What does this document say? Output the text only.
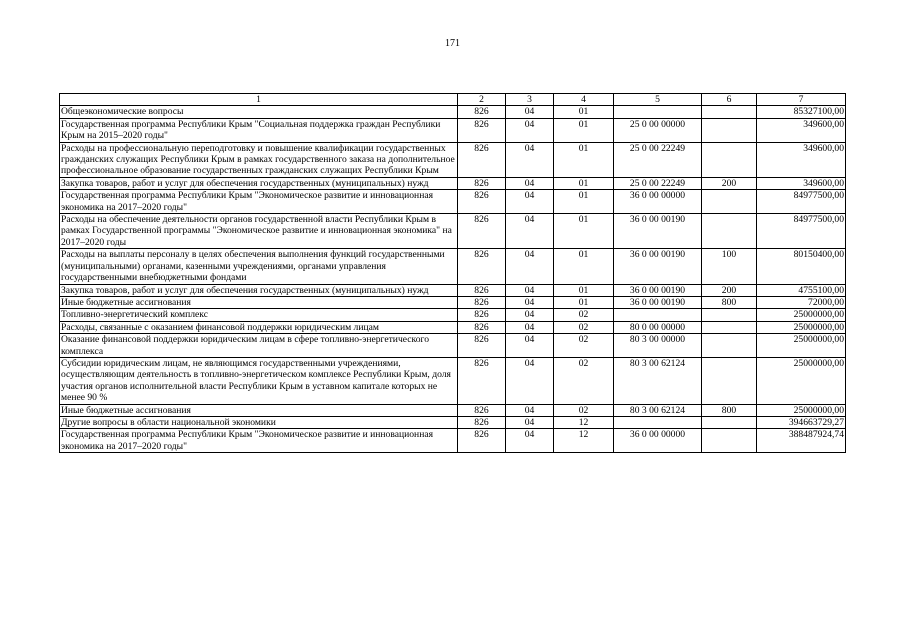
171
1	2	3	4	5	6	7
Общеэкономические вопросы	826	04	01			85327100,00
Государственная программа Республики Крым "Социальная поддержка граждан Республики Крым на 2015–2020 годы"	826	04	01	25 0 00 00000		349600,00
Расходы на профессиональную переподготовку и повышение квалификации государственных гражданских служащих Республики Крым в рамках государственного заказа на дополнительное профессиональное образование государственных гражданских служащих Республики Крым	826	04	01	25 0 00 22249		349600,00
Закупка товаров, работ и услуг для обеспечения государственных (муниципальных) нужд	826	04	01	25 0 00 22249	200	349600,00
Государственная программа Республики Крым "Экономическое развитие и инновационная экономика на 2017–2020 годы"	826	04	01	36 0 00 00000		84977500,00
Расходы на обеспечение деятельности органов государственной власти Республики Крым в рамках Государственной программы "Экономическое развитие и инновационная экономика" на 2017–2020 годы	826	04	01	36 0 00 00190		84977500,00
Расходы на выплаты персоналу в целях обеспечения выполнения функций государственными (муниципальными) органами, казенными учреждениями, органами управления государственными внебюджетными фондами	826	04	01	36 0 00 00190	100	80150400,00
Закупка товаров, работ и услуг для обеспечения государственных (муниципальных) нужд	826	04	01	36 0 00 00190	200	4755100,00
Иные бюджетные ассигнования	826	04	01	36 0 00 00190	800	72000,00
Топливно-энергетический комплекс	826	04	02			25000000,00
Расходы, связанные с оказанием финансовой поддержки юридическим лицам	826	04	02	80 0 00 00000		25000000,00
Оказание финансовой поддержки юридическим лицам в сфере топливно-энергетического комплекса	826	04	02	80 3 00 00000		25000000,00
Субсидии юридическим лицам, не являющимся государственными учреждениями, осуществляющим деятельность в топливно-энергетическом комплексе Республики Крым, доля участия органов исполнительной власти Республики Крым в уставном капитале которых не менее 90 %	826	04	02	80 3 00 62124		25000000,00
Иные бюджетные ассигнования	826	04	02	80 3 00 62124	800	25000000,00
Другие вопросы в области национальной экономики	826	04	12			394663729,27
Государственная программа Республики Крым "Экономическое развитие и инновационная экономика на 2017–2020 годы"	826	04	12	36 0 00 00000		388487924,74
